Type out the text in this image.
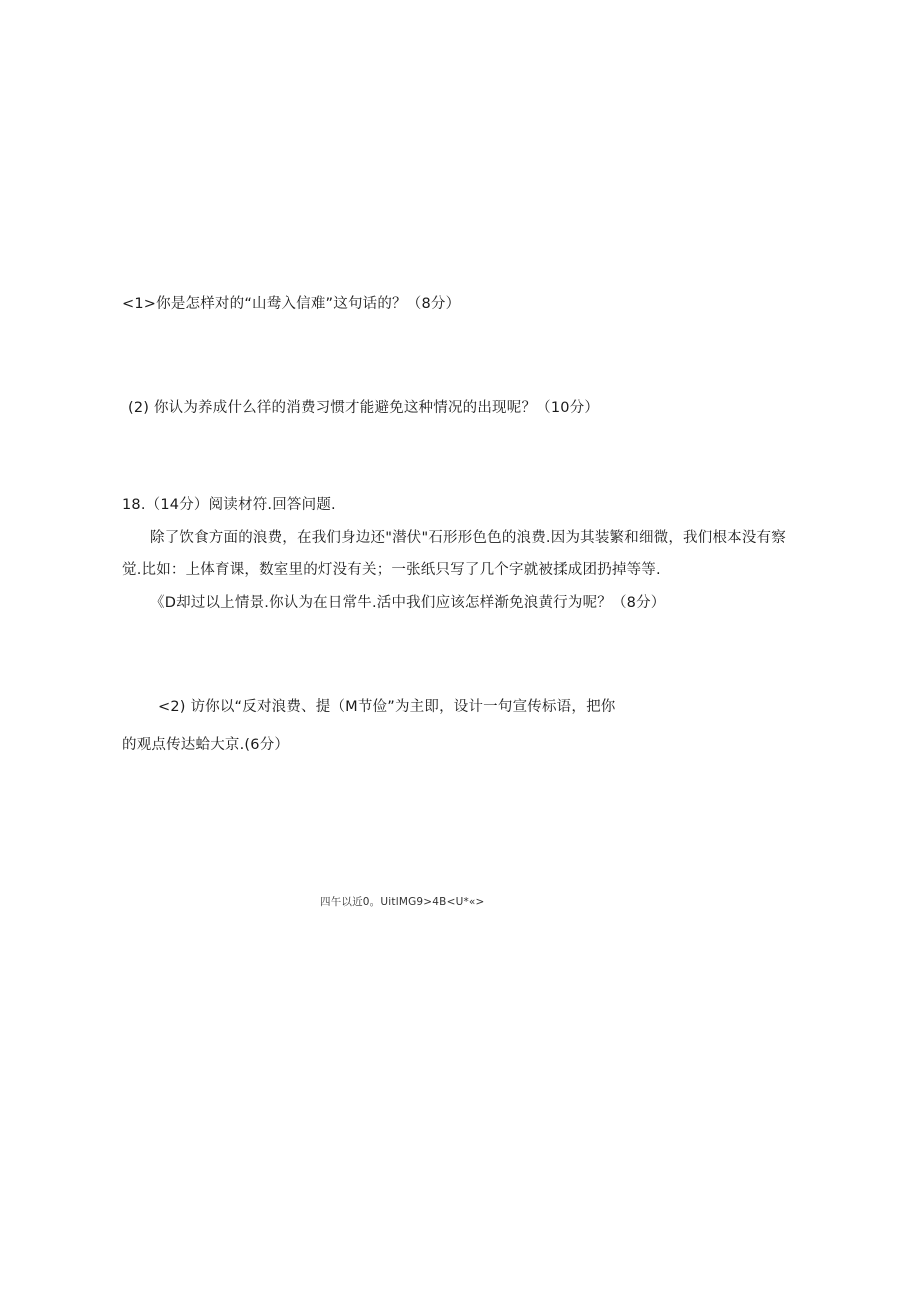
<1>你是怎样对的“山鸯入信难”这句话的？（8分）
(2) 你认为养成什么徉的消费习惯才能避免这种情况的出现呢？（10分）
18.（14分）阅读材符.回答问题.
除了饮食方面的浪费，在我们身边还"潜伏"石形形色色的浪费.因为其装繁和细微，我们根本没有察
觉.比如：上体育课，数室里的灯没有关；一张纸只写了几个字就被揉成团扔掉等等.
《D却过以上情景.你认为在日常牛.活中我们应该怎样渐免浪黄行为呢？（8分）
<2) 访你以“反对浪费、提（M节俭”为主即，设计一句宣传标语，把你
的观点传达蛤大京.(6分）
四午以近0。UitlMG9>4B<U*«>
